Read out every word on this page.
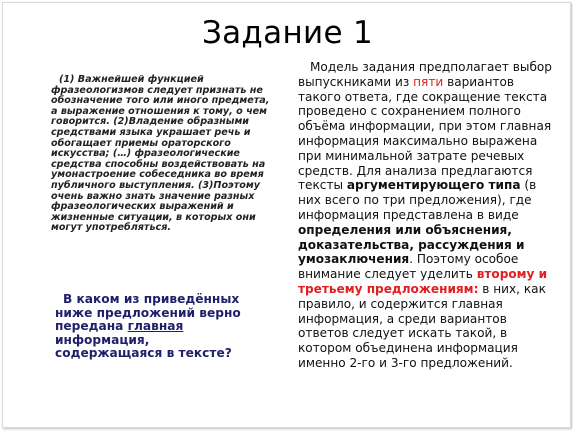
Задание 1
(1) Важнейшей функцией фразеологизмов следует признать не обозначение того или иного предмета, а выражение отношения к тому, о чем говорится. (2)Владение образными средствами языка украшает речь и обогащает приемы ораторского искусства; (…) фразеологические средства способны воздействовать на умонастроение собеседника во время публичного выступления. (3)Поэтому очень важно знать значение разных фразеологических выражений и жизненные ситуации, в которых они могут употребляться.
В каком из приведённых ниже предложений верно передана главная информация, содержащаяся в тексте?
Модель задания предполагает выбор выпускниками из пяти вариантов такого ответа, где сокращение текста проведено с сохранением полного объёма информации, при этом главная информация максимально выражена при минимальной затрате речевых средств. Для анализа предлагаются тексты аргументирующего типа (в них всего по три предложения), где информация представлена в виде определения или объяснения, доказательства, рассуждения и умозаключения. Поэтому особое внимание следует уделить второму и третьему предложениям: в них, как правило, и содержится главная информация, а среди вариантов ответов следует искать такой, в котором объединена информация именно 2-го и 3-го предложений.
